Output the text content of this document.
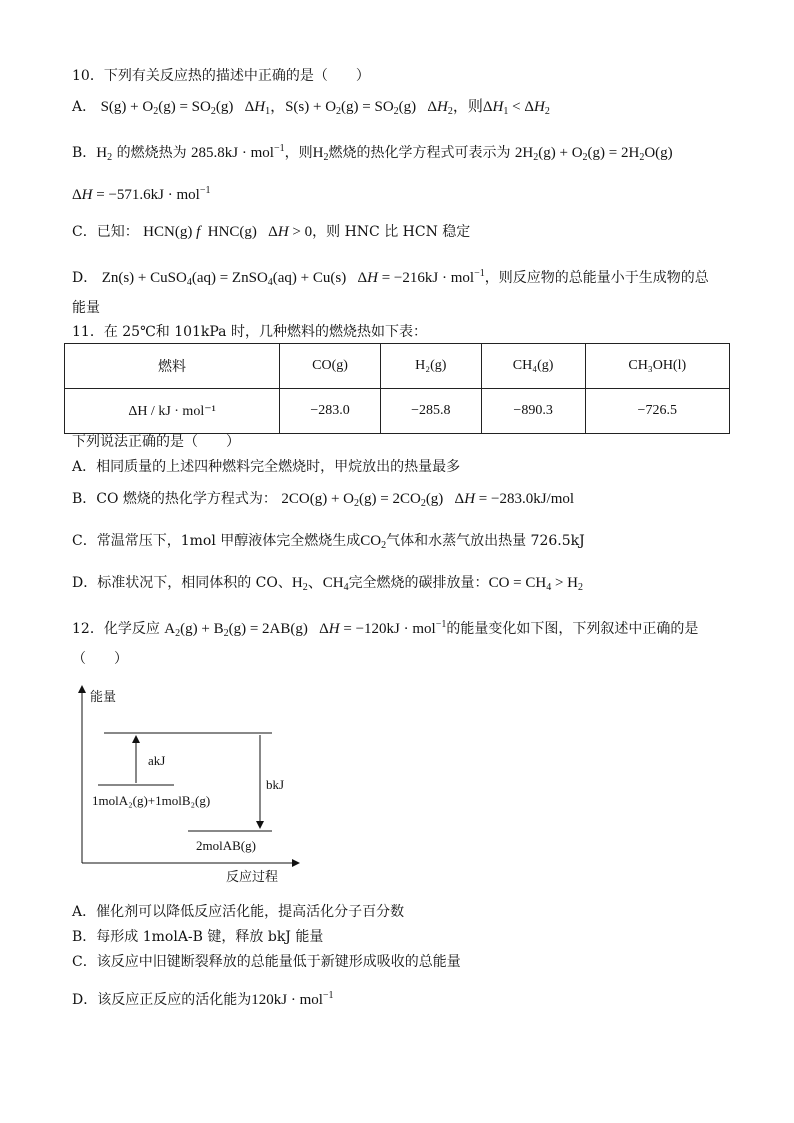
10．下列有关反应热的描述中正确的是（　　）
A． $S(g) + O_2(g) = SO_2(g)$   $\Delta H_1$，$S(s) + O_2(g) = SO_2(g)$   $\Delta H_2$，则$\Delta H_1 < \Delta H_2$
B．$H_2$ 的燃烧热为 285.8kJ · mol$^{-1}$，则$H_2$燃烧的热化学方程式可表示为 $2H_2(g) + O_2(g) = 2H_2O(g)$
ΔH = −571.6kJ · mol$^{-1}$
C．已知： HCN(g) f  HNC(g)   ΔH > 0，则 HNC 比 HCN 稳定
D． Zn(s) + CuSO$_4$(aq) = ZnSO$_4$(aq) + Cu(s)   ΔH = −216kJ · mol$^{-1}$，则反应物的总能量小于生成物的总
能量
11．在 25℃和 101kPa 时，几种燃料的燃烧热如下表：
燃料	CO(g)	H₂(g)	CH₄(g)	CH₃OH(l)
ΔH / kJ · mol⁻¹	−283.0	−285.8	−890.3	−726.5
下列说法正确的是（　　）
A．相同质量的上述四种燃料完全燃烧时，甲烷放出的热量最多
B．CO 燃烧的热化学方程式为： $2CO(g) + O_2(g) = 2CO_2(g) \Delta H = -283.0kJ/mol$
C．常温常压下，1mol 甲醇液体完全燃烧生成$CO_2$气体和水蒸气放出热量 726.5kJ
D．标准状况下，相同体积的 CO、$H_2$、$CH_4$完全燃烧的碳排放量：CO = $CH_4 > H_2$
12．化学反应 $A_2(g) + B_2(g) = 2AB(g) \Delta H = -120kJ \cdot mol^{-1}$的能量变化如下图，下列叙述中正确的是
（　　）
能量
反应过程
akJ
bkJ
1molA₂(g)+1molB₂(g)
2molAB(g)
A．催化剂可以降低反应活化能，提高活化分子百分数
B．每形成 1molA-B 键，释放 bkJ 能量
C．该反应中旧键断裂释放的总能量低于新键形成吸收的总能量
D．该反应正反应的活化能为120kJ · mol$^{-1}$
